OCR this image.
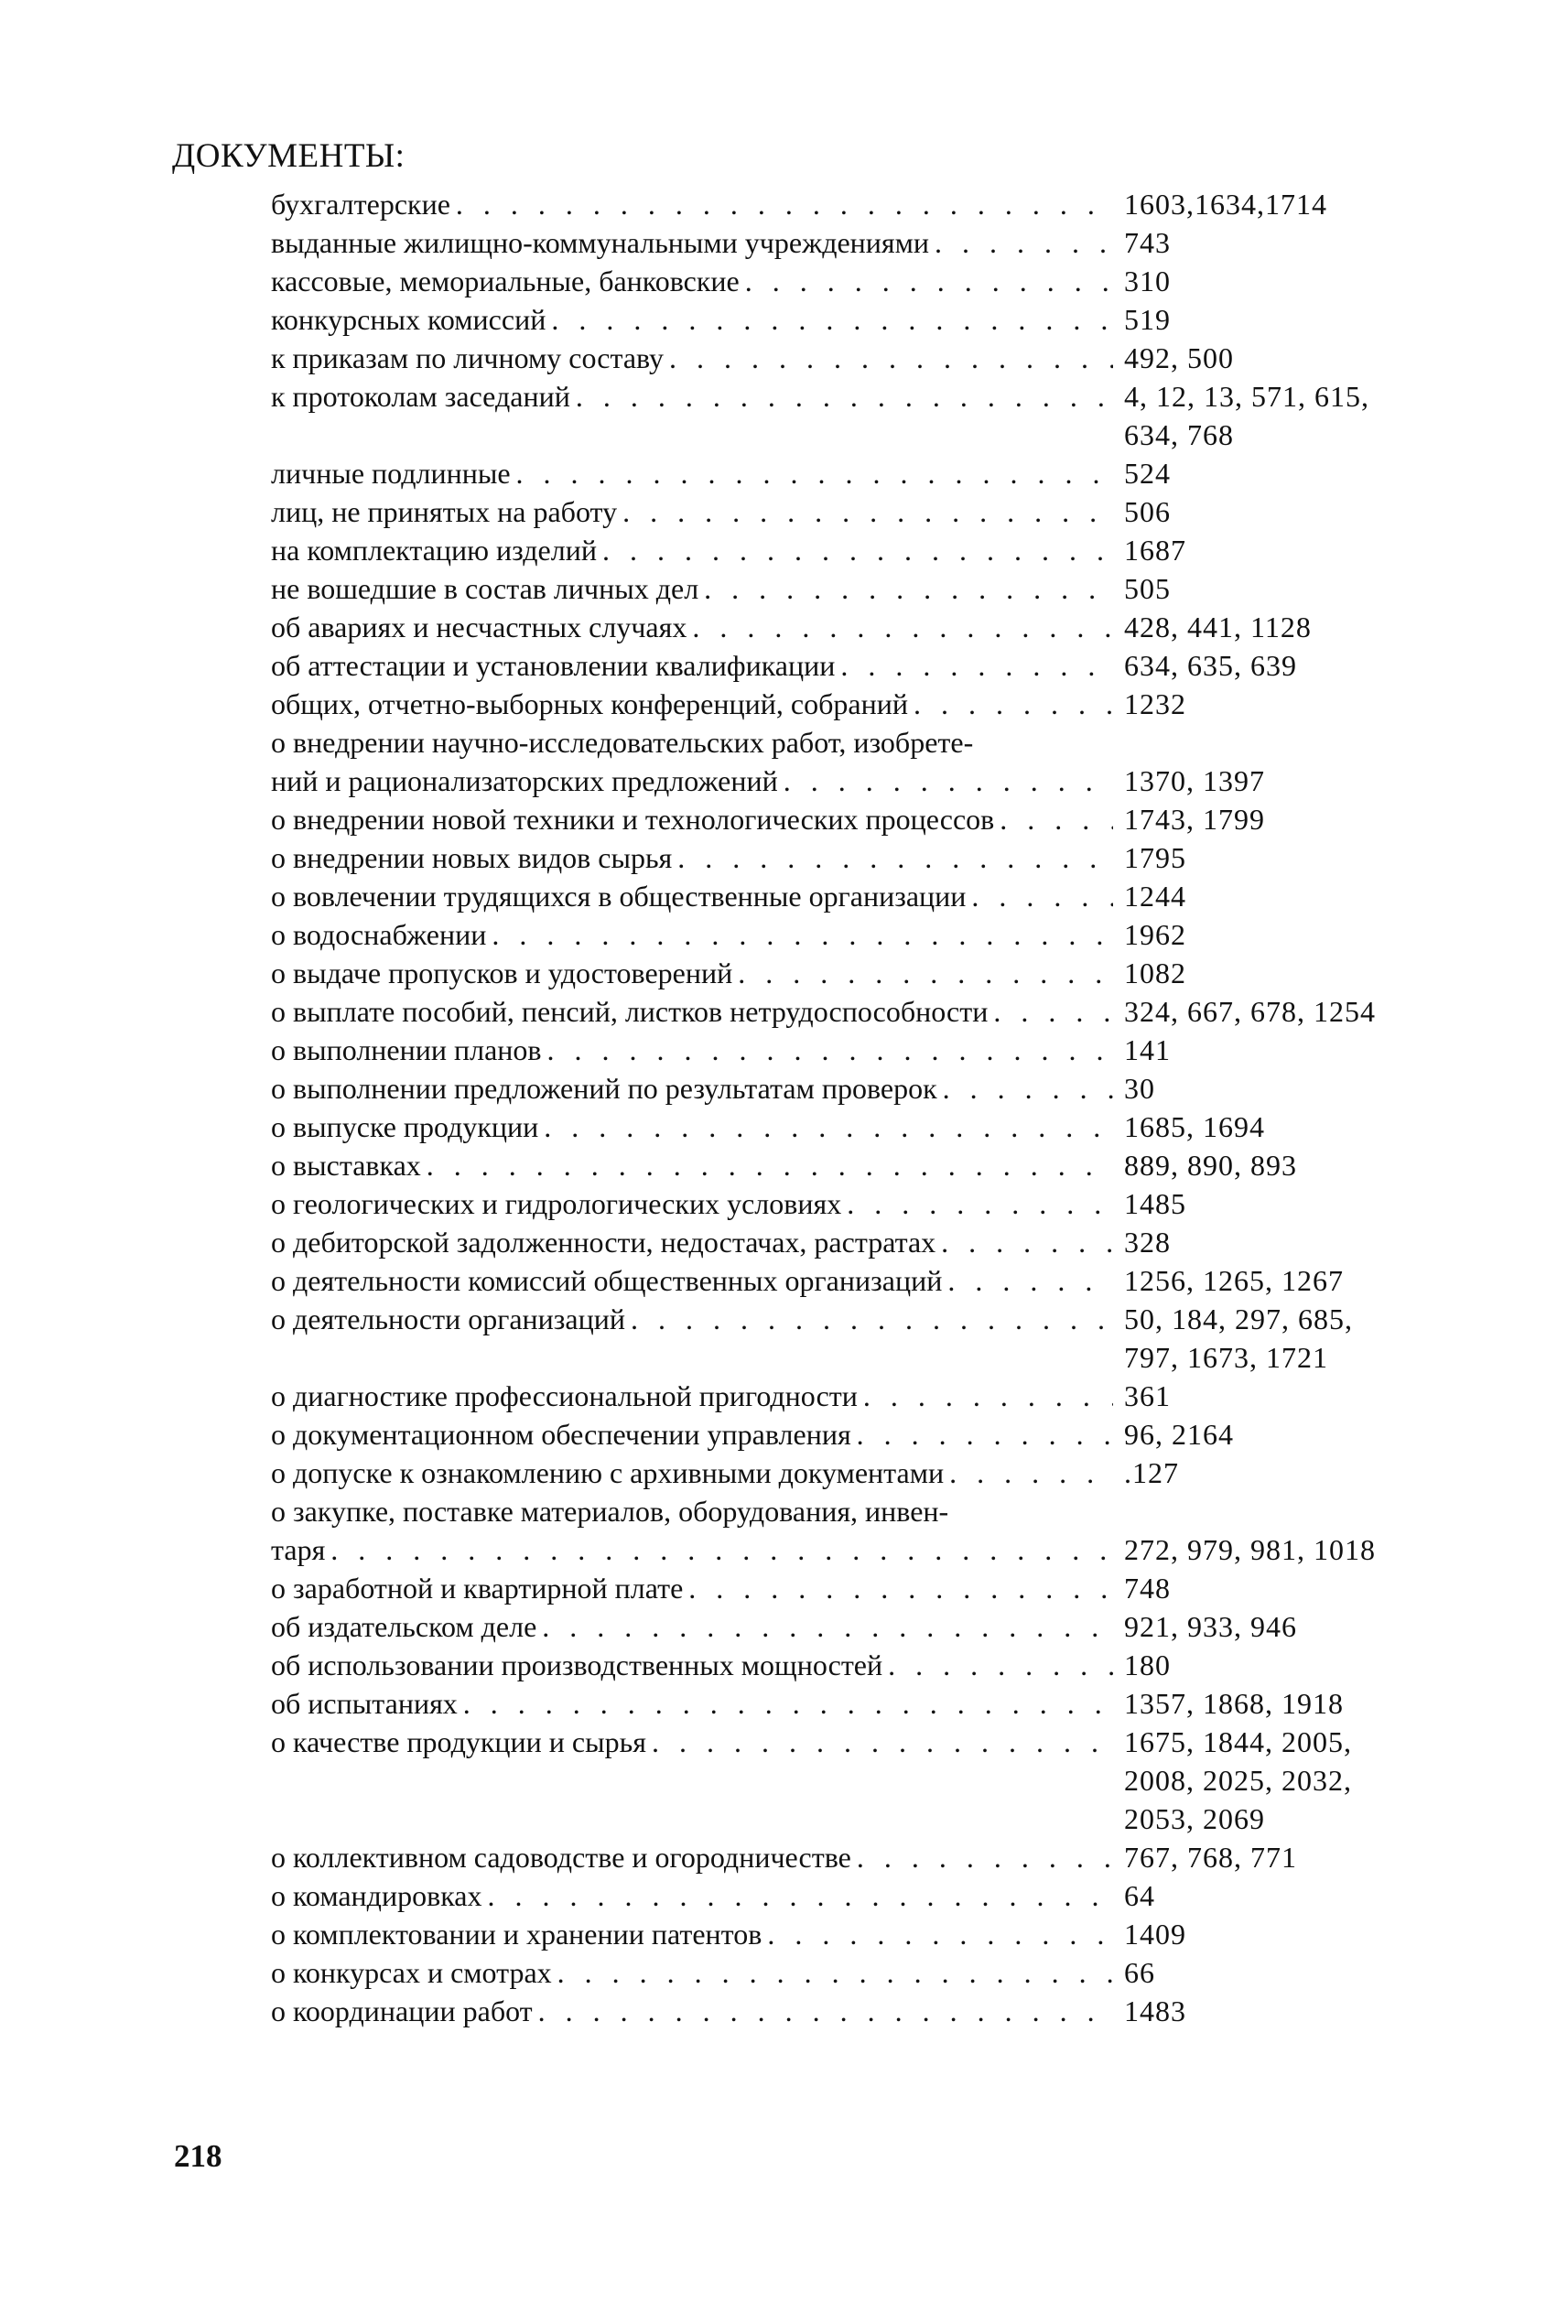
ДОКУМЕНТЫ:
бухгалтерские . . .	1603,1634,1714
выданные жилищно-коммунальными учреждениями . . .	743
кассовые, мемориальные, банковские . . .	310
конкурсных комиссий . . .	519
к приказам по личному составу . . .	492, 500
к протоколам заседаний . . .	4, 12, 13, 571, 615,
634, 768
личные подлинные . . .	524
лиц, не принятых на работу . . .	506
на комплектацию изделий . . .	1687
не вошедшие в состав личных дел . . .	505
об авариях и несчастных случаях . . .	428, 441, 1128
об аттестации и установлении квалификации . . .	634, 635, 639
общих, отчетно-выборных конференций, собраний . . .	1232
о внедрении научно-исследовательских работ, изобрете-
ний и рационализаторских предложений . . .	1370, 1397
о внедрении новой техники и технологических процессов . . .	1743, 1799
о внедрении новых видов сырья . . .	1795
о вовлечении трудящихся в общественные организации . . .	1244
о водоснабжении . . .	1962
о выдаче пропусков и удостоверений . . .	1082
о выплате пособий, пенсий, листков нетрудоспособности . . .	324, 667, 678, 1254
о выполнении планов . . .	141
о выполнении предложений по результатам проверок . . .	30
о выпуске продукции . . .	1685, 1694
о выставках . . .	889, 890, 893
о геологических и гидрологических условиях . . .	1485
о дебиторской задолженности, недостачах, растратах . . .	328
о деятельности комиссий общественных организаций . . .	1256, 1265, 1267
о деятельности организаций . . .	50, 184, 297, 685,
797, 1673, 1721
о диагностике профессиональной пригодности . . .	361
о документационном обеспечении управления . . .	96, 2164
о допуске к ознакомлению с архивными документами . . .	.127
о закупке, поставке материалов, оборудования, инвен-
таря . . .	272, 979, 981, 1018
о заработной и квартирной плате . . .	748
об издательском деле . . .	921, 933, 946
об использовании производственных мощностей . . .	180
об испытаниях . . .	1357, 1868, 1918
о качестве продукции и сырья . . .	1675, 1844, 2005,
2008, 2025, 2032,
2053, 2069
о коллективном садоводстве и огородничестве . . .	767, 768, 771
о командировках . . .	64
о комплектовании и хранении патентов . . .	1409
о конкурсах и смотрах . . .	66
о координации работ . . .	1483
218
